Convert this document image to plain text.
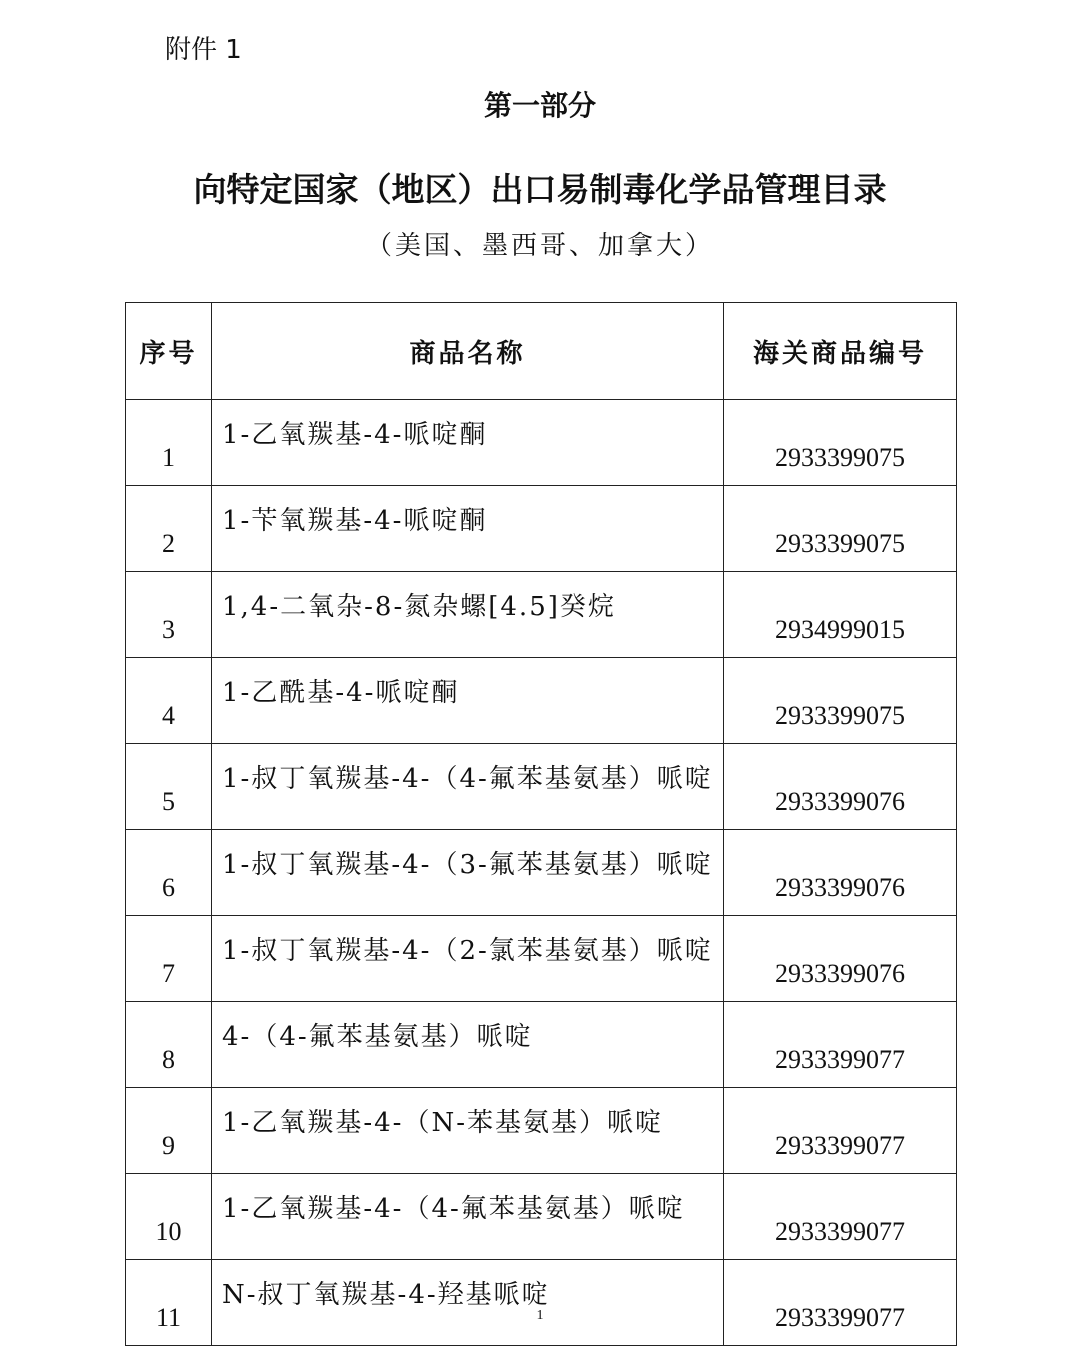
附件 1
第一部分
向特定国家（地区）出口易制毒化学品管理目录
（美国、墨西哥、加拿大）
序号	商品名称	海关商品编号
1	1-乙氧羰基-4-哌啶酮	2933399075
2	1-苄氧羰基-4-哌啶酮	2933399075
3	1,4-二氧杂-8-氮杂螺[4.5]癸烷	2934999015
4	1-乙酰基-4-哌啶酮	2933399075
5	1-叔丁氧羰基-4-（4-氟苯基氨基）哌啶	2933399076
6	1-叔丁氧羰基-4-（3-氟苯基氨基）哌啶	2933399076
7	1-叔丁氧羰基-4-（2-氯苯基氨基）哌啶	2933399076
8	4-（4-氟苯基氨基）哌啶	2933399077
9	1-乙氧羰基-4-（N-苯基氨基）哌啶	2933399077
10	1-乙氧羰基-4-（4-氟苯基氨基）哌啶	2933399077
11	N-叔丁氧羰基-4-羟基哌啶	2933399077
1
